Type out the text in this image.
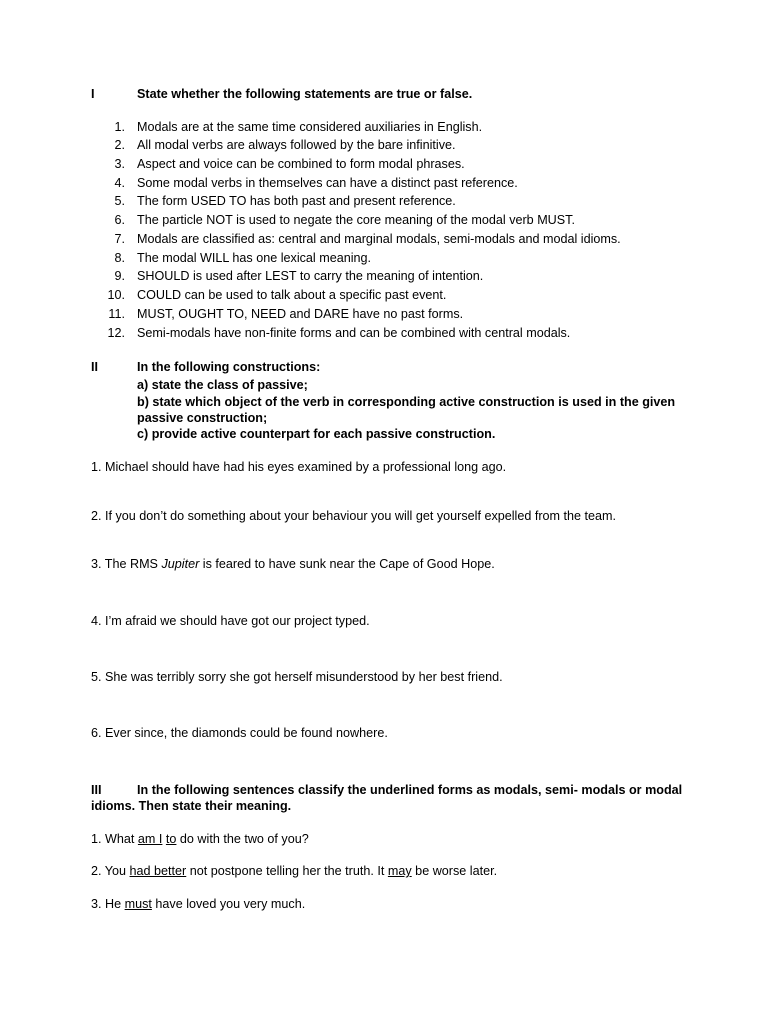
I	State whether the following statements are true or false.
1. Modals are at the same time considered auxiliaries in English.
2. All modal verbs are always followed by the bare infinitive.
3. Aspect and voice can be combined to form modal phrases.
4. Some modal verbs in themselves can have a distinct past reference.
5. The form USED TO has both past and present reference.
6. The particle NOT is used to negate the core meaning of the modal verb MUST.
7. Modals are classified as: central and marginal modals, semi-modals and modal idioms.
8. The modal WILL has one lexical meaning.
9. SHOULD is used after LEST to carry the meaning of intention.
10. COULD can be used to talk about a specific past event.
11. MUST, OUGHT TO, NEED and DARE have no past forms.
12. Semi-modals have non-finite forms and can be combined with central modals.
II	In the following constructions:
a) state the class of passive;
b) state which object of the verb in corresponding active construction is used in the given
passive construction;
c) provide active counterpart for each passive construction.
1. Michael should have had his eyes examined by a professional long ago.
2. If you don’t do something about your behaviour you will get yourself expelled from the team.
3. The RMS Jupiter is feared to have sunk near the Cape of Good Hope.
4. I’m afraid we should have got our project typed.
5. She was terribly sorry she got herself misunderstood by her best friend.
6. Ever since, the diamonds could be found nowhere.
III	In the following sentences classify the underlined forms as modals, semi- modals or modal
idioms. Then state their meaning.
1. What am I to do with the two of you?
2. You had better not postpone telling her the truth. It may be worse later.
3. He must have loved you very much.
